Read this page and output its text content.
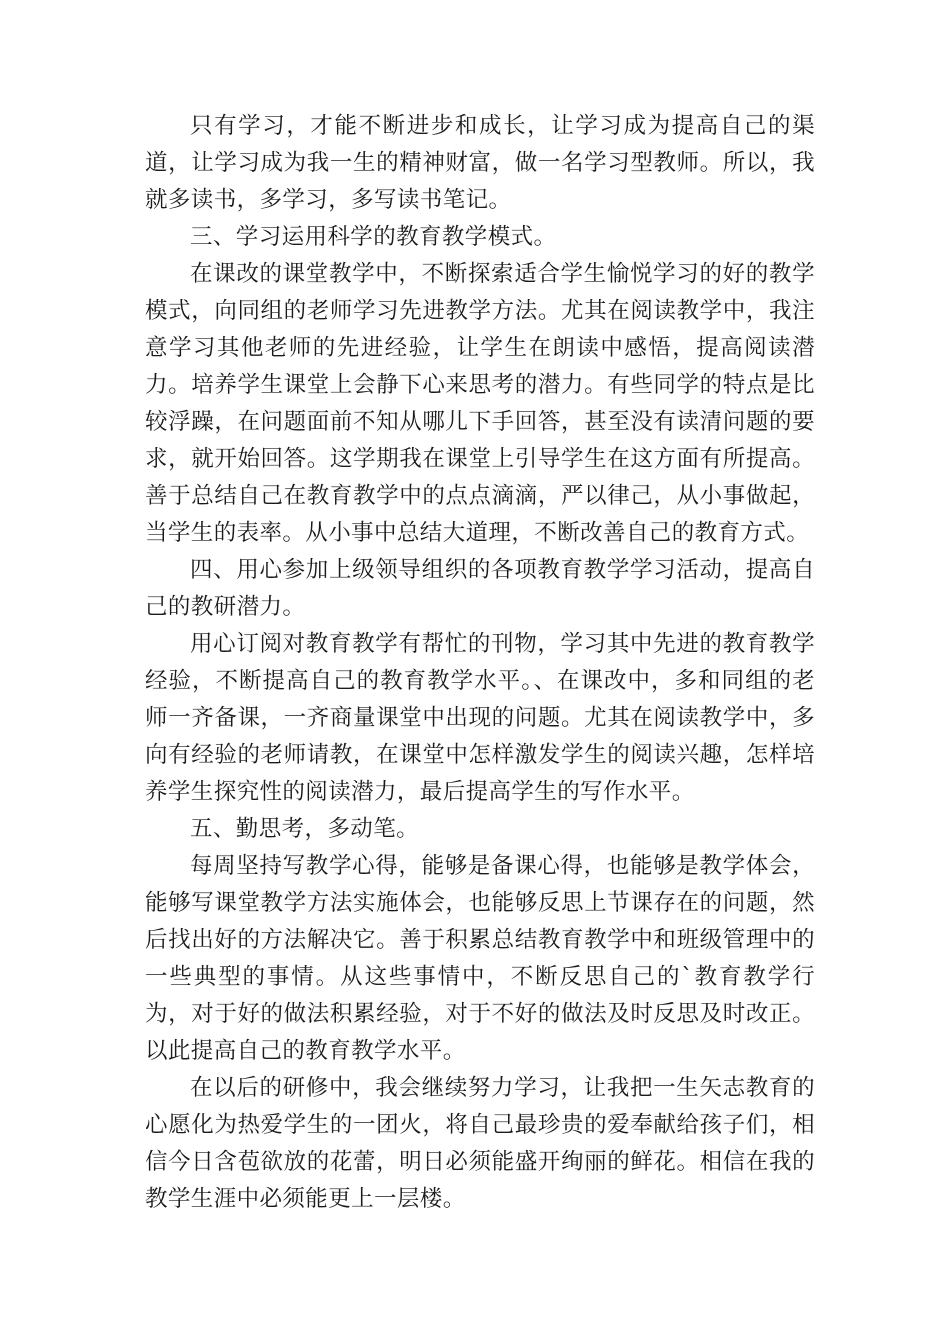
只有学习，才能不断进步和成长，让学习成为提高自己的渠道，让学习成为我一生的精神财富，做一名学习型教师。所以，我就多读书，多学习，多写读书笔记。

三、学习运用科学的教育教学模式。

在课改的课堂教学中，不断探索适合学生愉悦学习的好的教学模式，向同组的老师学习先进教学方法。尤其在阅读教学中，我注意学习其他老师的先进经验，让学生在朗读中感悟，提高阅读潜力。培养学生课堂上会静下心来思考的潜力。有些同学的特点是比较浮躁，在问题面前不知从哪儿下手回答，甚至没有读清问题的要求，就开始回答。这学期我在课堂上引导学生在这方面有所提高。善于总结自己在教育教学中的点点滴滴，严以律己，从小事做起，当学生的表率。从小事中总结大道理，不断改善自己的教育方式。

四、用心参加上级领导组织的各项教育教学学习活动，提高自己的教研潜力。

用心订阅对教育教学有帮忙的刊物，学习其中先进的教育教学经验，不断提高自己的教育教学水平。、在课改中，多和同组的老师一齐备课，一齐商量课堂中出现的问题。尤其在阅读教学中，多向有经验的老师请教，在课堂中怎样激发学生的阅读兴趣，怎样培养学生探究性的阅读潜力，最后提高学生的写作水平。

五、勤思考，多动笔。

每周坚持写教学心得，能够是备课心得，也能够是教学体会，能够写课堂教学方法实施体会，也能够反思上节课存在的问题，然后找出好的方法解决它。善于积累总结教育教学中和班级管理中的一些典型的事情。从这些事情中，不断反思自己的`教育教学行为，对于好的做法积累经验，对于不好的做法及时反思及时改正。以此提高自己的教育教学水平。

在以后的研修中，我会继续努力学习，让我把一生矢志教育的心愿化为热爱学生的一团火，将自己最珍贵的爱奉献给孩子们，相信今日含苞欲放的花蕾，明日必须能盛开绚丽的鲜花。相信在我的教学生涯中必须能更上一层楼。
